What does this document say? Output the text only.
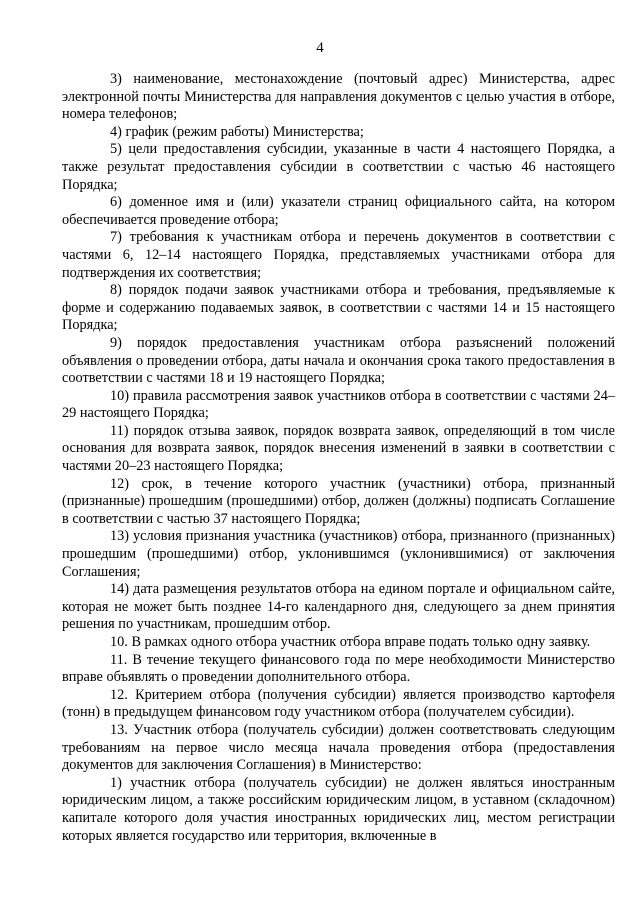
4

3) наименование, местонахождение (почтовый адрес) Министерства, адрес электронной почты Министерства для направления документов с целью участия в отборе, номера телефонов;

4) график (режим работы) Министерства;

5) цели предоставления субсидии, указанные в части 4 настоящего Порядка, а также результат предоставления субсидии в соответствии с частью 46 настоящего Порядка;

6) доменное имя и (или) указатели страниц официального сайта, на котором обеспечивается проведение отбора;

7) требования к участникам отбора и перечень документов в соответствии с частями 6, 12–14 настоящего Порядка, представляемых участниками отбора для подтверждения их соответствия;

8) порядок подачи заявок участниками отбора и требования, предъявляемые к форме и содержанию подаваемых заявок, в соответствии с частями 14 и 15 настоящего Порядка;

9) порядок предоставления участникам отбора разъяснений положений объявления о проведении отбора, даты начала и окончания срока такого предоставления в соответствии с частями 18 и 19 настоящего Порядка;

10) правила рассмотрения заявок участников отбора в соответствии с частями 24–29 настоящего Порядка;

11) порядок отзыва заявок, порядок возврата заявок, определяющий в том числе основания для возврата заявок, порядок внесения изменений в заявки в соответствии с частями 20–23 настоящего Порядка;

12) срок, в течение которого участник (участники) отбора, признанный (признанные) прошедшим (прошедшими) отбор, должен (должны) подписать Соглашение в соответствии с частью 37 настоящего Порядка;

13) условия признания участника (участников) отбора, признанного (признанных) прошедшим (прошедшими) отбор, уклонившимся (уклонившимися) от заключения Соглашения;

14) дата размещения результатов отбора на едином портале и официальном сайте, которая не может быть позднее 14-го календарного дня, следующего за днем принятия решения по участникам, прошедшим отбор.

10. В рамках одного отбора участник отбора вправе подать только одну заявку.

11. В течение текущего финансового года по мере необходимости Министерство вправе объявлять о проведении дополнительного отбора.

12. Критерием отбора (получения субсидии) является производство картофеля (тонн) в предыдущем финансовом году участником отбора (получателем субсидии).

13. Участник отбора (получатель субсидии) должен соответствовать следующим требованиям на первое число месяца начала проведения отбора (предоставления документов для заключения Соглашения) в Министерство:

1) участник отбора (получатель субсидии) не должен являться иностранным юридическим лицом, а также российским юридическим лицом, в уставном (складочном) капитале которого доля участия иностранных юридических лиц, местом регистрации которых является государство или территория, включенные в
